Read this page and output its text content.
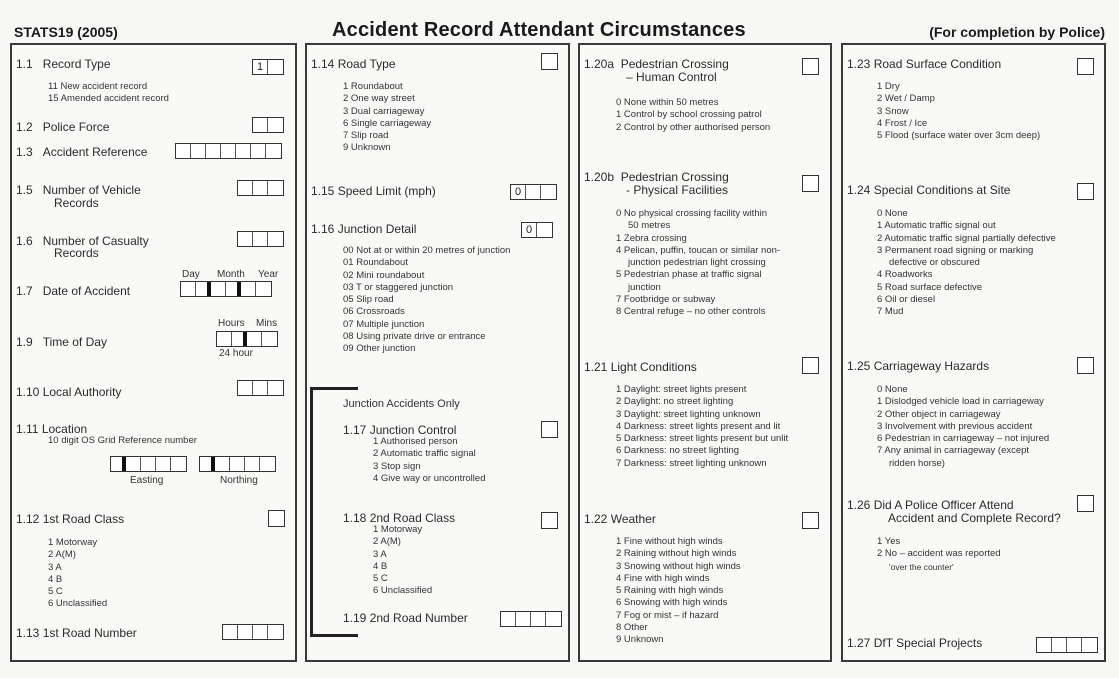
STATS19 (2005)	Accident Record Attendant Circumstances	(For completion by Police)
1.1 Record Type	1
11 New accident record
15 Amended accident record
1.2 Police Force
1.3 Accident Reference
1.5 Number of Vehicle
Records
1.6 Number of Casualty
Records
1.7 Date of Accident
Day Month Year
1.9 Time of Day
Hours Mins
24 hour
1.10 Local Authority
1.11 Location
10 digit OS Grid Reference number
Easting	Northing
1.12 1st Road Class
1 Motorway
2 A(M)
3 A
4 B
5 C
6 Unclassified
1.13 1st Road Number
1.14 Road Type
1 Roundabout
2 One way street
3 Dual carriageway
6 Single carriageway
7 Slip road
9 Unknown
1.15 Speed Limit (mph)	0
1.16 Junction Detail	0
00 Not at or within 20 metres of junction
01 Roundabout
02 Mini roundabout
03 T or staggered junction
05 Slip road
06 Crossroads
07 Multiple junction
08 Using private drive or entrance
09 Other junction
Junction Accidents Only
1.17 Junction Control
1 Authorised person
2 Automatic traffic signal
3 Stop sign
4 Give way or uncontrolled
1.18 2nd Road Class
1 Motorway
2 A(M)
3 A
4 B
5 C
6 Unclassified
1.19 2nd Road Number
1.20a Pedestrian Crossing
– Human Control
0 None within 50 metres
1 Control by school crossing patrol
2 Control by other authorised person
1.20b Pedestrian Crossing
- Physical Facilities
0 No physical crossing facility within
50 metres
1 Zebra crossing
4 Pelican, puffin, toucan or similar non-
junction pedestrian light crossing
5 Pedestrian phase at traffic signal
junction
7 Footbridge or subway
8 Central refuge – no other controls
1.21 Light Conditions
1 Daylight: street lights present
2 Daylight: no street lighting
3 Daylight: street lighting unknown
4 Darkness: street lights present and lit
5 Darkness: street lights present but unlit
6 Darkness: no street lighting
7 Darkness: street lighting unknown
1.22 Weather
1 Fine without high winds
2 Raining without high winds
3 Snowing without high winds
4 Fine with high winds
5 Raining with high winds
6 Snowing with high winds
7 Fog or mist – if hazard
8 Other
9 Unknown
1.23 Road Surface Condition
1 Dry
2 Wet / Damp
3 Snow
4 Frost / Ice
5 Flood (surface water over 3cm deep)
1.24 Special Conditions at Site
0 None
1 Automatic traffic signal out
2 Automatic traffic signal partially defective
3 Permanent road signing or marking
defective or obscured
4 Roadworks
5 Road surface defective
6 Oil or diesel
7 Mud
1.25 Carriageway Hazards
0 None
1 Dislodged vehicle load in carriageway
2 Other object in carriageway
3 Involvement with previous accident
6 Pedestrian in carriageway – not injured
7 Any animal in carriageway (except
ridden horse)
1.26 Did A Police Officer Attend
Accident and Complete Record?
1 Yes
2 No – accident was reported
'over the counter'
1.27 DfT Special Projects
